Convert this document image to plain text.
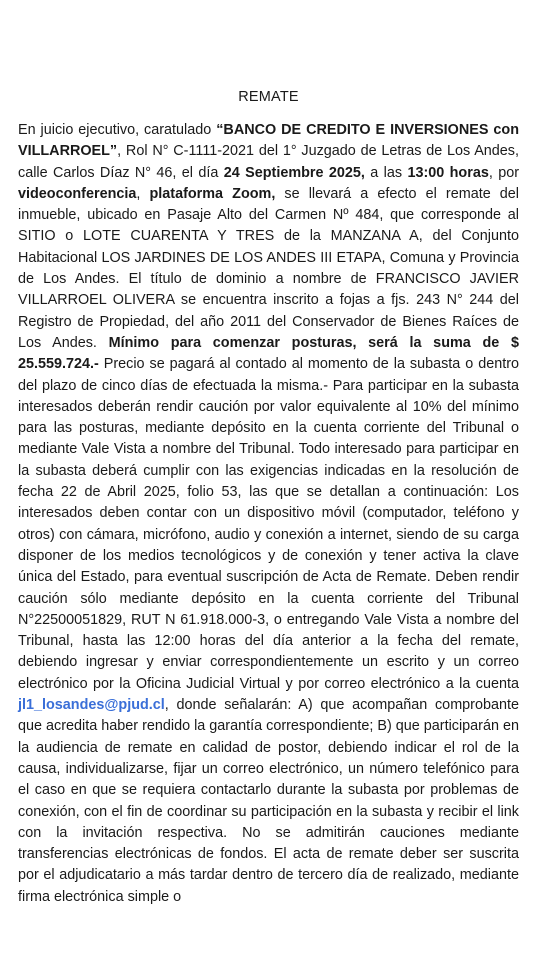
REMATE

En juicio ejecutivo, caratulado “BANCO DE CREDITO E INVERSIONES con VILLARROEL”, Rol N° C-1111-2021 del 1° Juzgado de Letras de Los Andes, calle Carlos Díaz N° 46, el día 24 Septiembre 2025, a las 13:00 horas, por videoconferencia, plataforma Zoom, se llevará a efecto el remate del inmueble, ubicado en Pasaje Alto del Carmen Nº 484, que corresponde al SITIO o LOTE CUARENTA Y TRES de la MANZANA A, del Conjunto Habitacional LOS JARDINES DE LOS ANDES III ETAPA, Comuna y Provincia de Los Andes. El título de dominio a nombre de FRANCISCO JAVIER VILLARROEL OLIVERA se encuentra inscrito a fojas a fjs. 243 N° 244 del Registro de Propiedad, del año 2011 del Conservador de Bienes Raíces de Los Andes. Mínimo para comenzar posturas, será la suma de $ 25.559.724.- Precio se pagará al contado al momento de la subasta o dentro del plazo de cinco días de efectuada la misma.- Para participar en la subasta interesados deberán rendir caución por valor equivalente al 10% del mínimo para las posturas, mediante depósito en la cuenta corriente del Tribunal o mediante Vale Vista a nombre del Tribunal. Todo interesado para participar en la subasta deberá cumplir con las exigencias indicadas en la resolución de fecha 22 de Abril 2025, folio 53, las que se detallan a continuación: Los interesados deben contar con un dispositivo móvil (computador, teléfono y otros) con cámara, micrófono, audio y conexión a internet, siendo de su carga disponer de los medios tecnológicos y de conexión y tener activa la clave única del Estado, para eventual suscripción de Acta de Remate. Deben rendir caución sólo mediante depósito en la cuenta corriente del Tribunal N°22500051829, RUT N 61.918.000-3, o entregando Vale Vista a nombre del Tribunal, hasta las 12:00 horas del día anterior a la fecha del remate, debiendo ingresar y enviar correspondientemente un escrito y un correo electrónico por la Oficina Judicial Virtual y por correo electrónico a la cuenta jl1_losandes@pjud.cl, donde señalarán: A) que acompañan comprobante que acredita haber rendido la garantía correspondiente; B) que participarán en la audiencia de remate en calidad de postor, debiendo indicar el rol de la causa, individualizarse, fijar un correo electrónico, un número telefónico para el caso en que se requiera contactarlo durante la subasta por problemas de conexión, con el fin de coordinar su participación en la subasta y recibir el link con la invitación respectiva. No se admitirán cauciones mediante transferencias electrónicas de fondos. El acta de remate deber ser suscrita por el adjudicatario a más tardar dentro de tercero día de realizado, mediante firma electrónica simple o
